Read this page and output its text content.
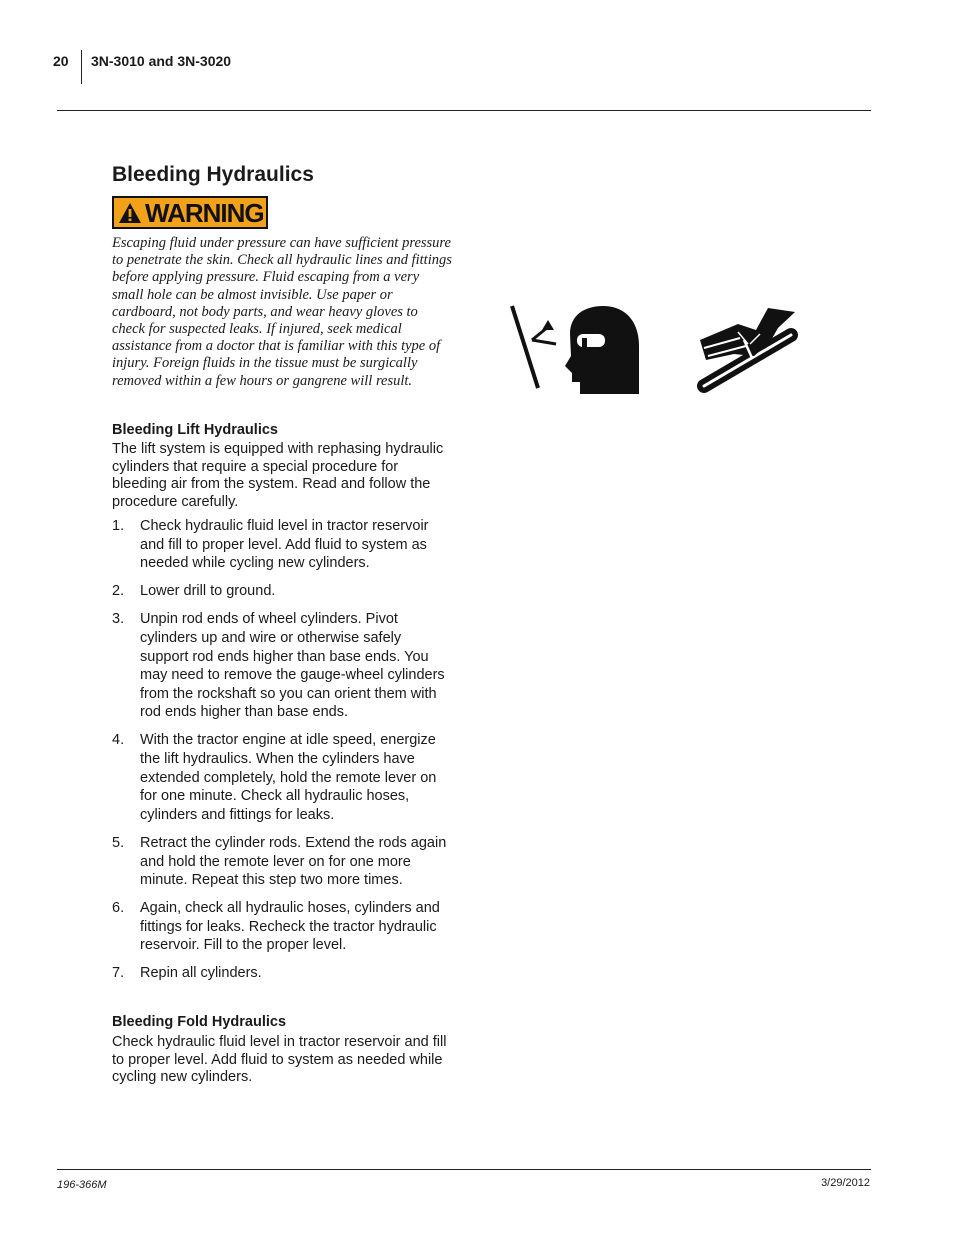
20 3N-3010 and 3N-3020
Bleeding Hydraulics
WARNING

Escaping fluid under pressure can have sufficient pressure to penetrate the skin. Check all hydraulic lines and fittings before applying pressure. Fluid escaping from a very small hole can be almost invisible. Use paper or cardboard, not body parts, and wear heavy gloves to check for suspected leaks. If injured, seek medical assistance from a doctor that is familiar with this type of injury. Foreign fluids in the tissue must be surgically removed within a few hours or gangrene will result.

Bleeding Lift Hydraulics

The lift system is equipped with rephasing hydraulic cylinders that require a special procedure for bleeding air from the system. Read and follow the procedure carefully.

1.	Check hydraulic fluid level in tractor reservoir and fill to proper level. Add fluid to system as needed while cycling new cylinders.
2.	Lower drill to ground.
3.	Unpin rod ends of wheel cylinders. Pivot cylinders up and wire or otherwise safely support rod ends higher than base ends. You may need to remove the gauge-wheel cylinders from the rockshaft so you can orient them with rod ends higher than base ends.
4.	With the tractor engine at idle speed, energize the lift hydraulics. When the cylinders have extended completely, hold the remote lever on for one minute. Check all hydraulic hoses, cylinders and fittings for leaks.
5.	Retract the cylinder rods. Extend the rods again and hold the remote lever on for one more minute. Repeat this step two more times.
6.	Again, check all hydraulic hoses, cylinders and fittings for leaks. Recheck the tractor hydraulic reservoir. Fill to the proper level.
7.	Repin all cylinders.
Bleeding Fold Hydraulics

Check hydraulic fluid level in tractor reservoir and fill to proper level. Add fluid to system as needed while cycling new cylinders.

196-366M	3/29/2012
